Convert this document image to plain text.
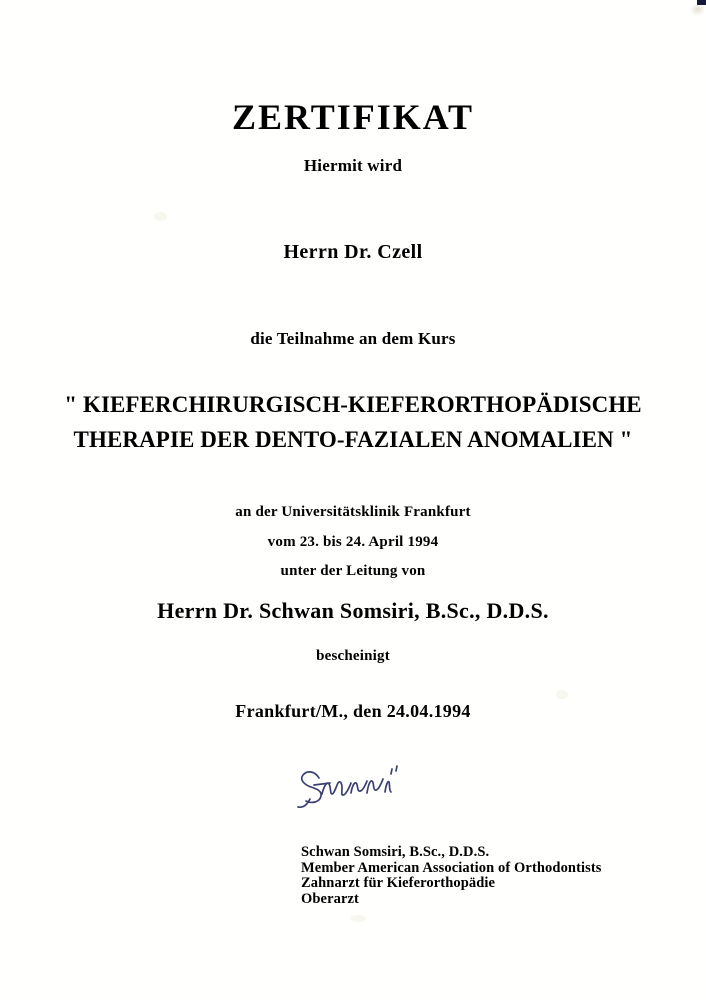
ZERTIFIKAT
Hiermit wird
Herrn Dr. Czell
die Teilnahme an dem Kurs
" KIEFERCHIRURGISCH-KIEFERORTHOPÄDISCHE
THERAPIE DER DENTO-FAZIALEN ANOMALIEN "
an der Universitätsklinik Frankfurt
vom 23. bis 24. April 1994
unter der Leitung von
Herrn Dr. Schwan Somsiri, B.Sc., D.D.S.
bescheinigt
Frankfurt/M., den 24.04.1994
Schwan Somsiri, B.Sc., D.D.S.
Member American Association of Orthodontists
Zahnarzt für Kieferorthopädie
Oberarzt
